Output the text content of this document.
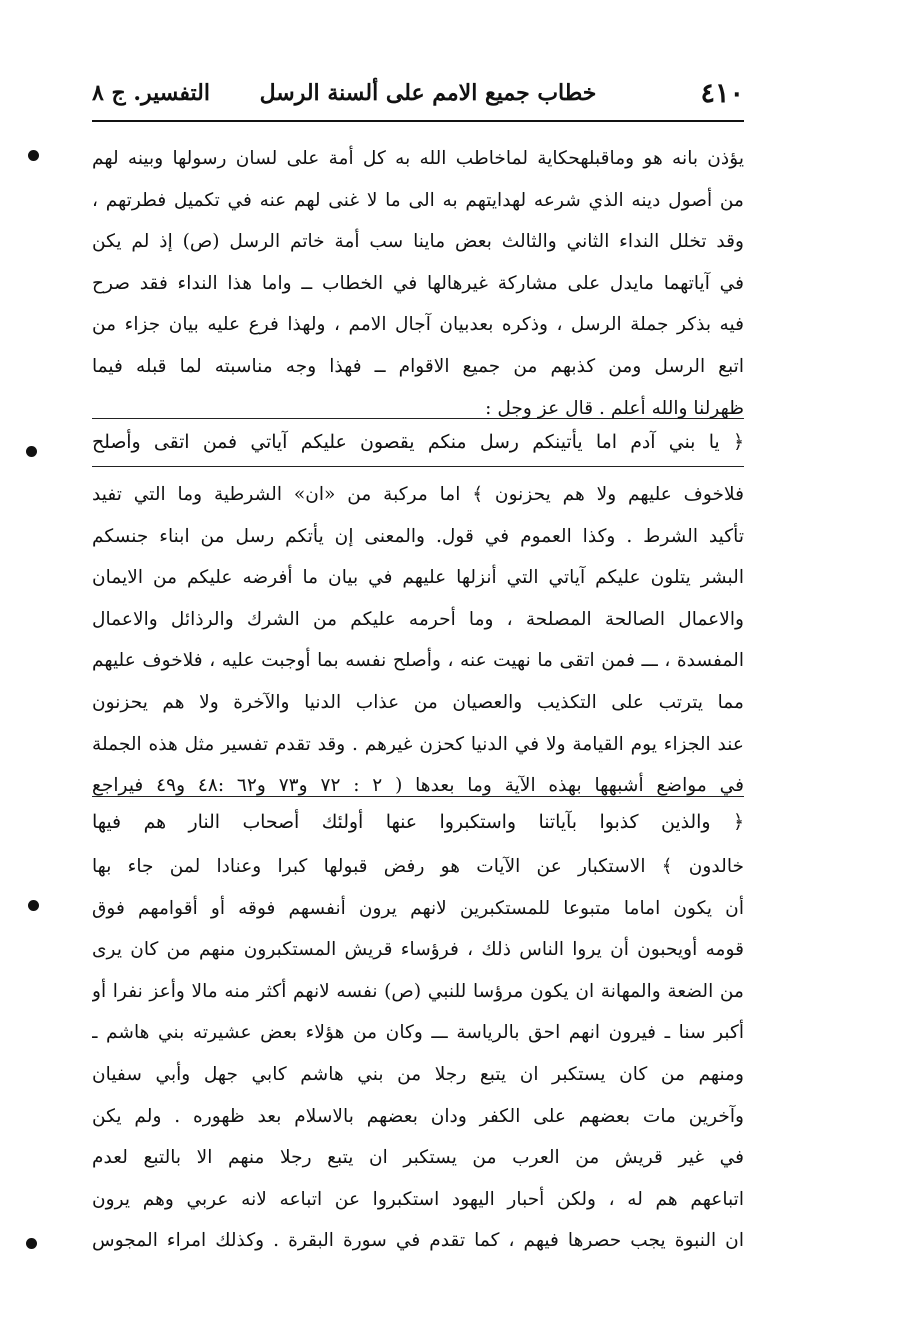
٤١٠
خطاب جميع الامم على ألسنة الرسل
التفسير. ج ٨
يؤذن بانه هو وماقبلهحكاية لماخاطب الله به كل أمة على لسان رسولها وبينه لهم
من أصول دينه الذي شرعه لهدايتهم به الى ما لا غنى لهم عنه في تكميل فطرتهم ،
وقد تخلل النداء الثاني والثالث بعض ماينا سب أمة خاتم الرسل (ص) إذ لم يكن
في آياتهما مايدل على مشاركة غيرهالها في الخطاب ــ واما هذا النداء فقد صرح
فيه بذكر جملة الرسل ، وذكره بعدبيان آجال الامم ، ولهذا فرع عليه بيان جزاء من
اتبع الرسل ومن كذبهم من جميع الاقوام ــ فهذا وجه مناسبته لما قبله فيما
ظهرلنا والله أعلم . قال عز وجل :
﴿ يا بني آدم اما يأتينكم رسل منكم يقصون عليكم آياتي فمن اتقى وأصلح
فلاخوف عليهم ولا هم يحزنون ﴾ اما مركبة من «ان» الشرطية وما التي تفيد
تأكيد الشرط . وكذا العموم في قول. والمعنى إن يأتكم رسل من ابناء جنسكم
البشر يتلون عليكم آياتي التي أنزلها عليهم في بيان ما أفرضه عليكم من الايمان
والاعمال الصالحة المصلحة ، وما أحرمه عليكم من الشرك والرذائل والاعمال
المفسدة ، ـــ فمن اتقى ما نهيت عنه ، وأصلح نفسه بما أوجبت عليه ، فلاخوف عليهم
مما يترتب على التكذيب والعصيان من عذاب الدنيا والآخرة ولا هم يحزنون
عند الجزاء يوم القيامة ولا في الدنيا كحزن غيرهم . وقد تقدم تفسير مثل هذه الجملة
في مواضع أشبهها بهذه الآية وما بعدها ( ٢ : ٧٢ و٧٣ و٦٢ :٤٨ و٤٩ فيراجع
﴿ والذين كذبوا بآياتنا واستكبروا عنها أولئك أصحاب النار هم فيها
خالدون ﴾ الاستكبار عن الآيات هو رفض قبولها كبرا وعنادا لمن جاء بها
أن يكون اماما متبوعا للمستكبرين لانهم يرون أنفسهم فوقه أو أقوامهم فوق
قومه أويحبون أن يروا الناس ذلك ، فرؤساء قريش المستكبرون منهم من كان يرى
من الضعة والمهانة ان يكون مرؤسا للنبي (ص) نفسه لانهم أكثر منه مالا وأعز نفرا أو
أكبر سنا ـ فيرون انهم احق بالرياسة ـــ وكان من هؤلاء بعض عشيرته بني هاشم ـ
ومنهم من كان يستكبر ان يتبع رجلا من بني هاشم كابي جهل وأبي سفيان
وآخرين مات بعضهم على الكفر ودان بعضهم بالاسلام بعد ظهوره . ولم يكن
في غير قريش من العرب من يستكبر ان يتبع رجلا منهم الا بالتبع لعدم
اتباعهم هم له ، ولكن أحبار اليهود استكبروا عن اتباعه لانه عربي وهم يرون
ان النبوة يجب حصرها فيهم ، كما تقدم في سورة البقرة . وكذلك امراء المجوس
